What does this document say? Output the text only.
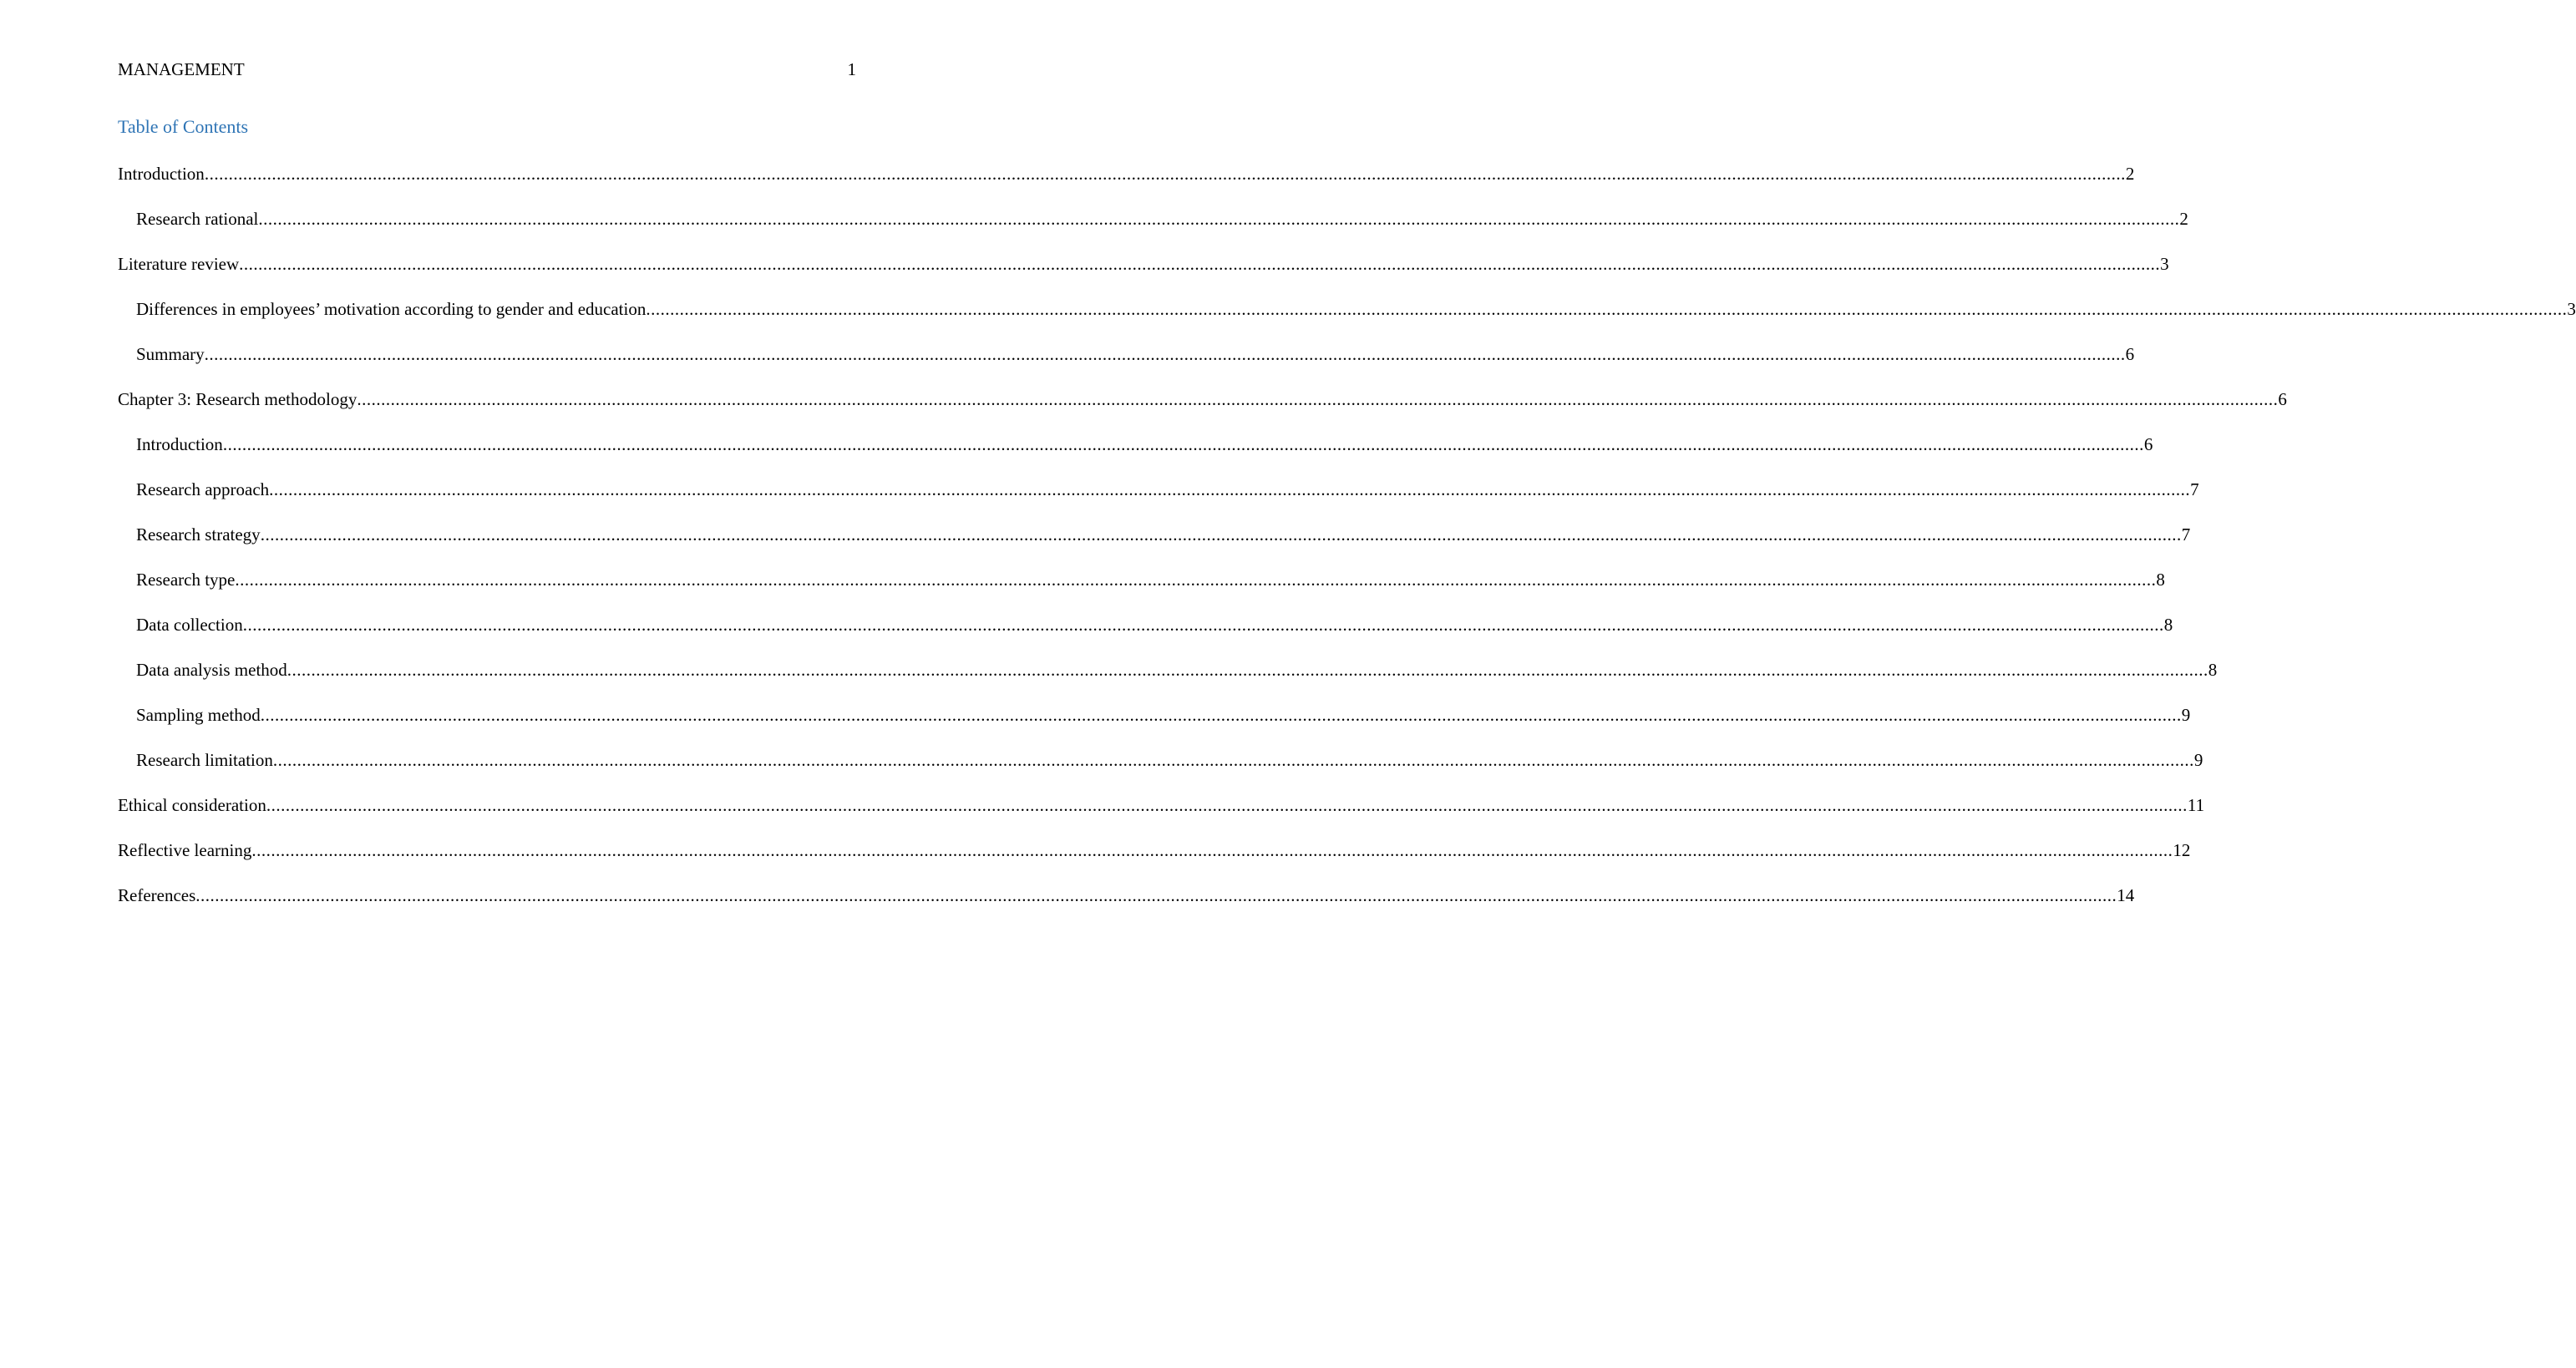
MANAGEMENT	1
Table of Contents
Introduction ................................................................................................................................................................................................................................................................................................................................................................................................................ 2
Research rational ................................................................................................................................................................................................................................................................................................................................................................................................................ 2
Literature review ................................................................................................................................................................................................................................................................................................................................................................................................................ 3
Differences in employees’ motivation according to gender and education ................................................................................................................................................................................................................................................................................................................................................................................................................ 3
Summary ................................................................................................................................................................................................................................................................................................................................................................................................................ 6
Chapter 3: Research methodology ................................................................................................................................................................................................................................................................................................................................................................................................................ 6
Introduction ................................................................................................................................................................................................................................................................................................................................................................................................................ 6
Research approach ................................................................................................................................................................................................................................................................................................................................................................................................................ 7
Research strategy ................................................................................................................................................................................................................................................................................................................................................................................................................ 7
Research type ................................................................................................................................................................................................................................................................................................................................................................................................................ 8
Data collection ................................................................................................................................................................................................................................................................................................................................................................................................................ 8
Data analysis method ................................................................................................................................................................................................................................................................................................................................................................................................................ 8
Sampling method ................................................................................................................................................................................................................................................................................................................................................................................................................ 9
Research limitation ................................................................................................................................................................................................................................................................................................................................................................................................................ 9
Ethical consideration ................................................................................................................................................................................................................................................................................................................................................................................................................ 11
Reflective learning ................................................................................................................................................................................................................................................................................................................................................................................................................ 12
References ................................................................................................................................................................................................................................................................................................................................................................................................................ 14
